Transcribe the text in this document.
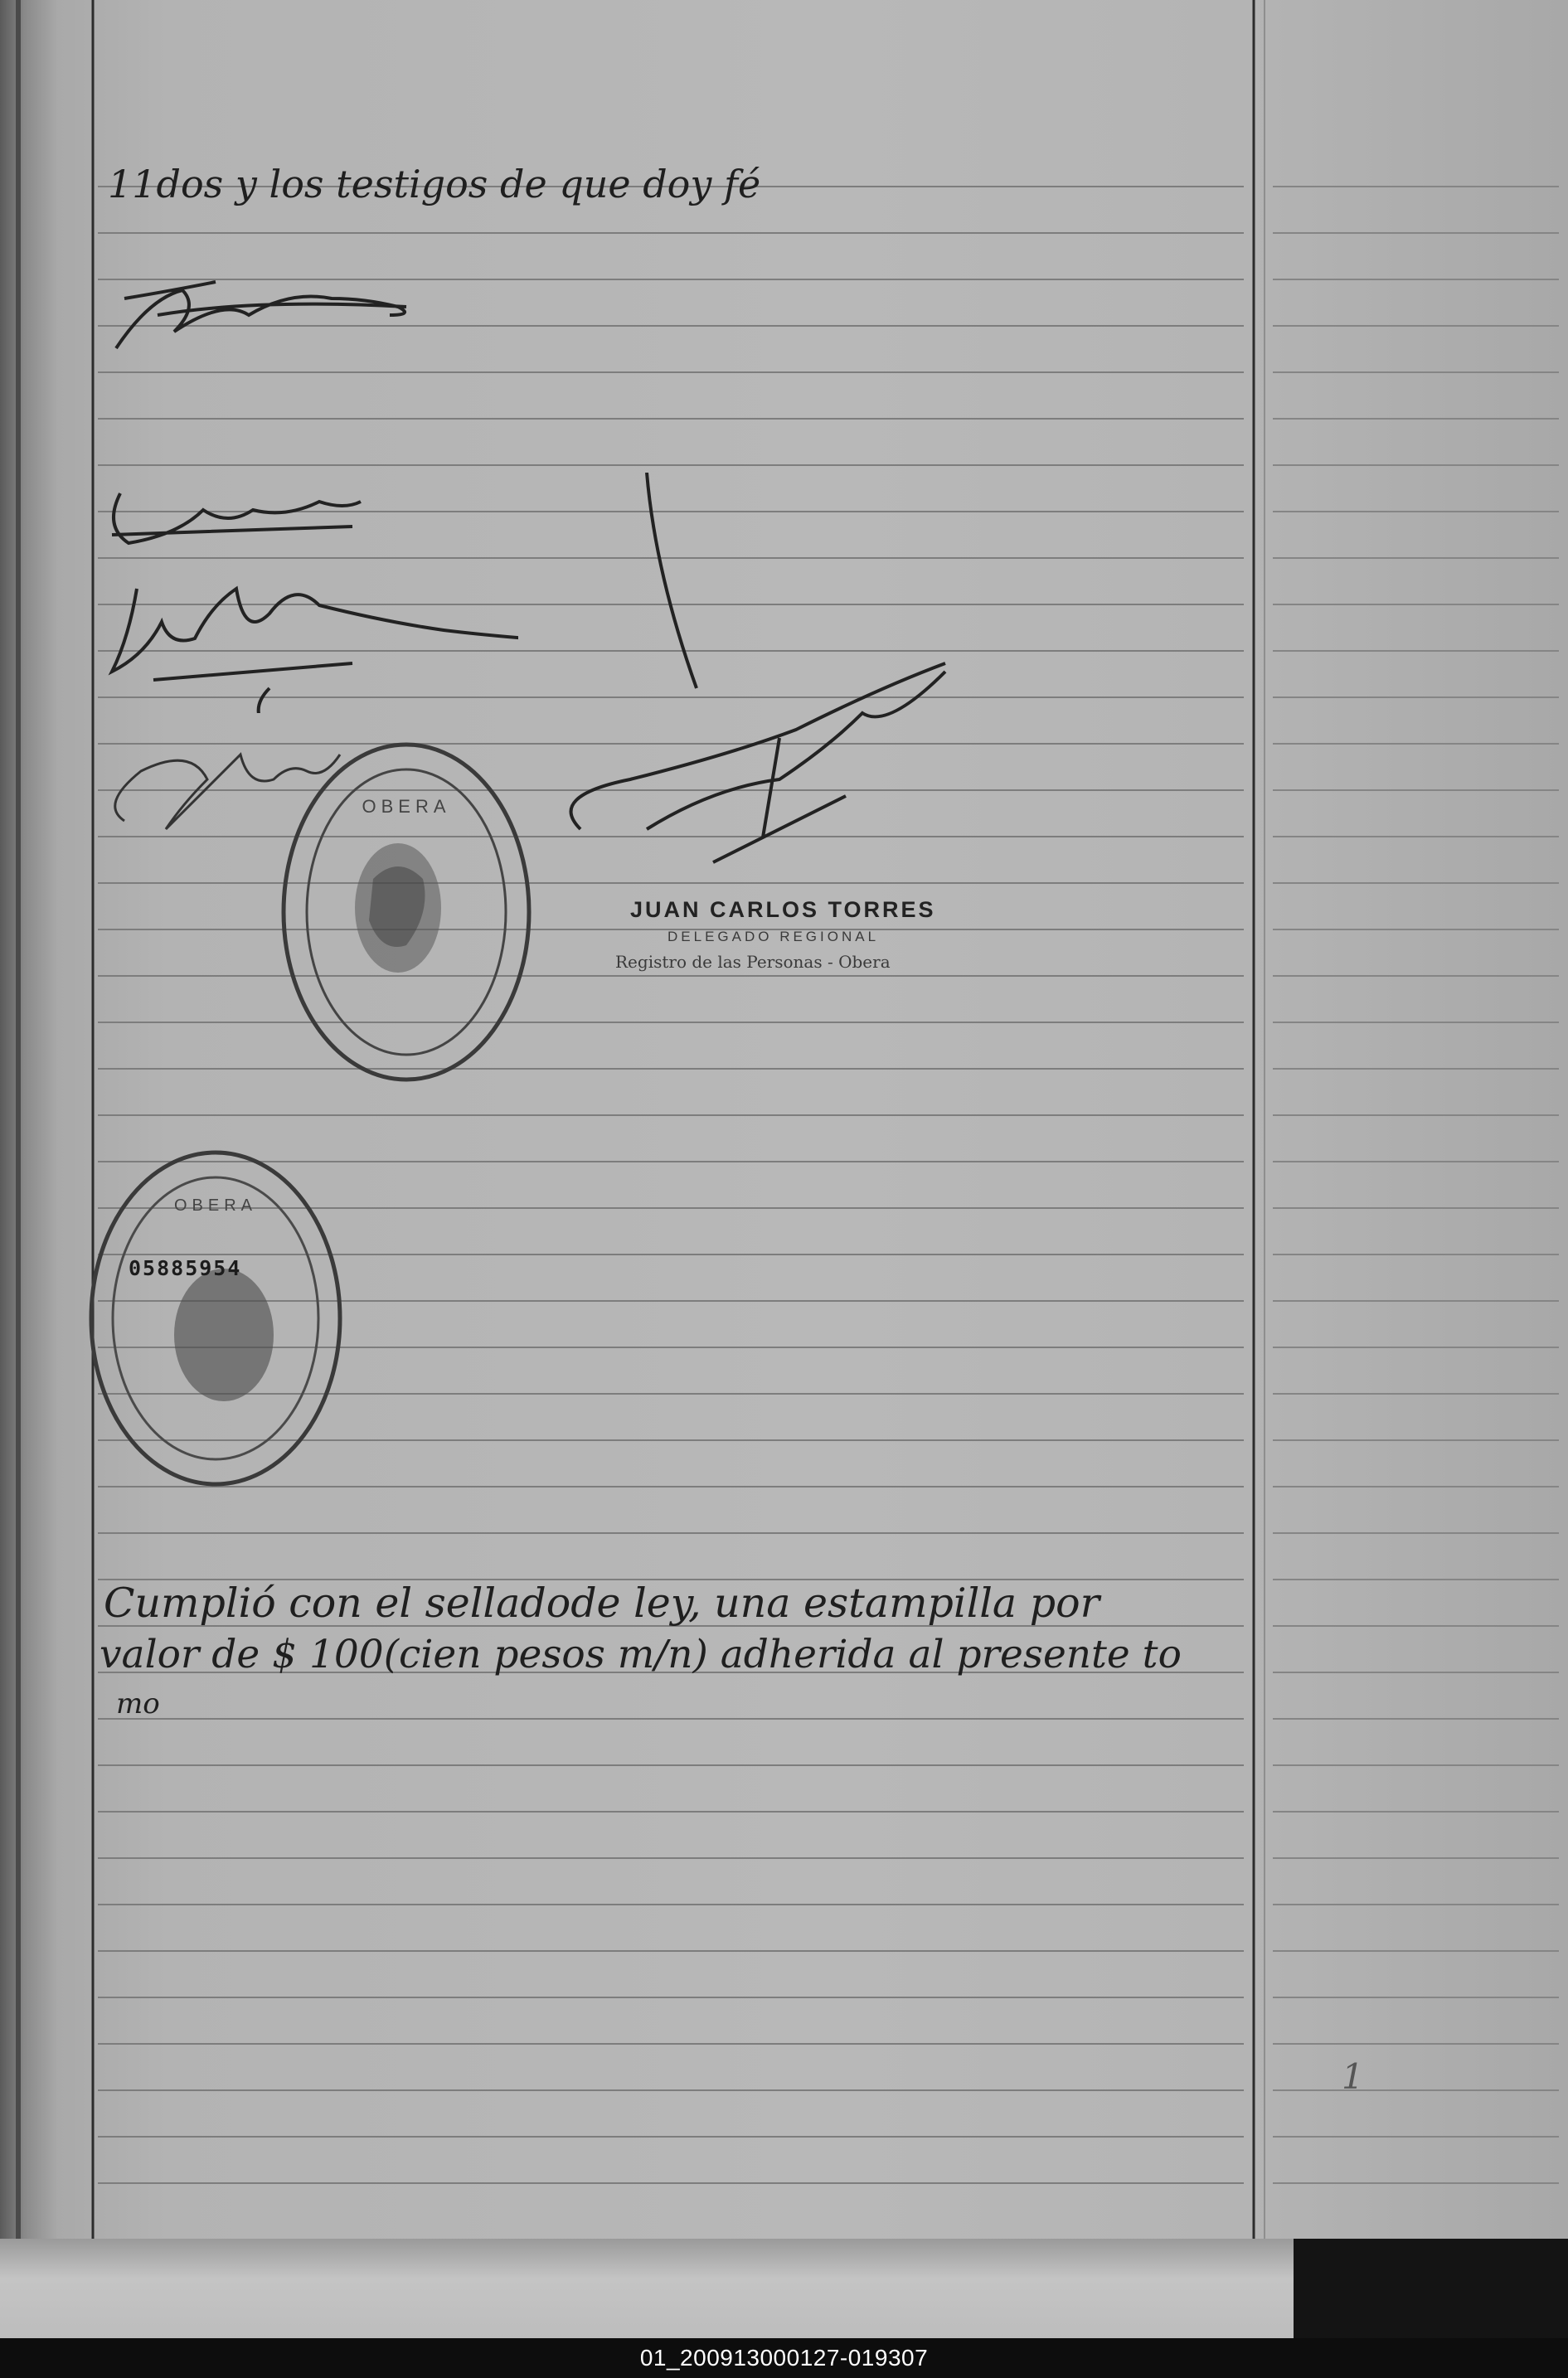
OBERA
OBERA
11dos y los testigos de que doy fé
JUAN CARLOS TORRES
DELEGADO REGIONAL
Registro de las Personas - Obera
05885954
Cumplió con el selladode ley, una estampilla por
valor de $ 100(cien pesos m/n) adherida al presente to
mo
1
01_200913000127-019307
